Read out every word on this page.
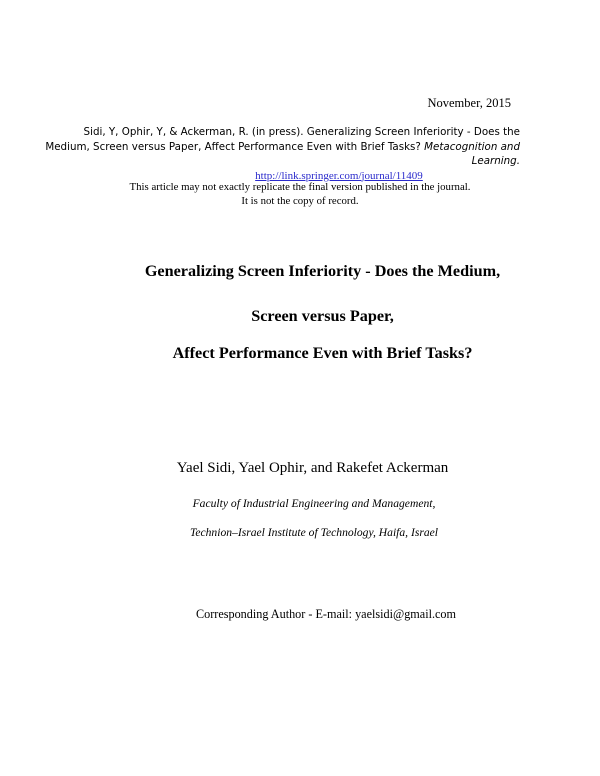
November, 2015
Sidi, Y, Ophir, Y, & Ackerman, R. (in press). Generalizing Screen Inferiority - Does the Medium, Screen versus Paper, Affect Performance Even with Brief Tasks? Metacognition and Learning.
http://link.springer.com/journal/11409
This article may not exactly replicate the final version published in the journal.
It is not the copy of record.
Generalizing Screen Inferiority - Does the Medium,
Screen versus Paper,
Affect Performance Even with Brief Tasks?
Yael Sidi, Yael Ophir, and Rakefet Ackerman
Faculty of Industrial Engineering and Management,
Technion–Israel Institute of Technology, Haifa, Israel
Corresponding Author - E-mail: yaelsidi@gmail.com
